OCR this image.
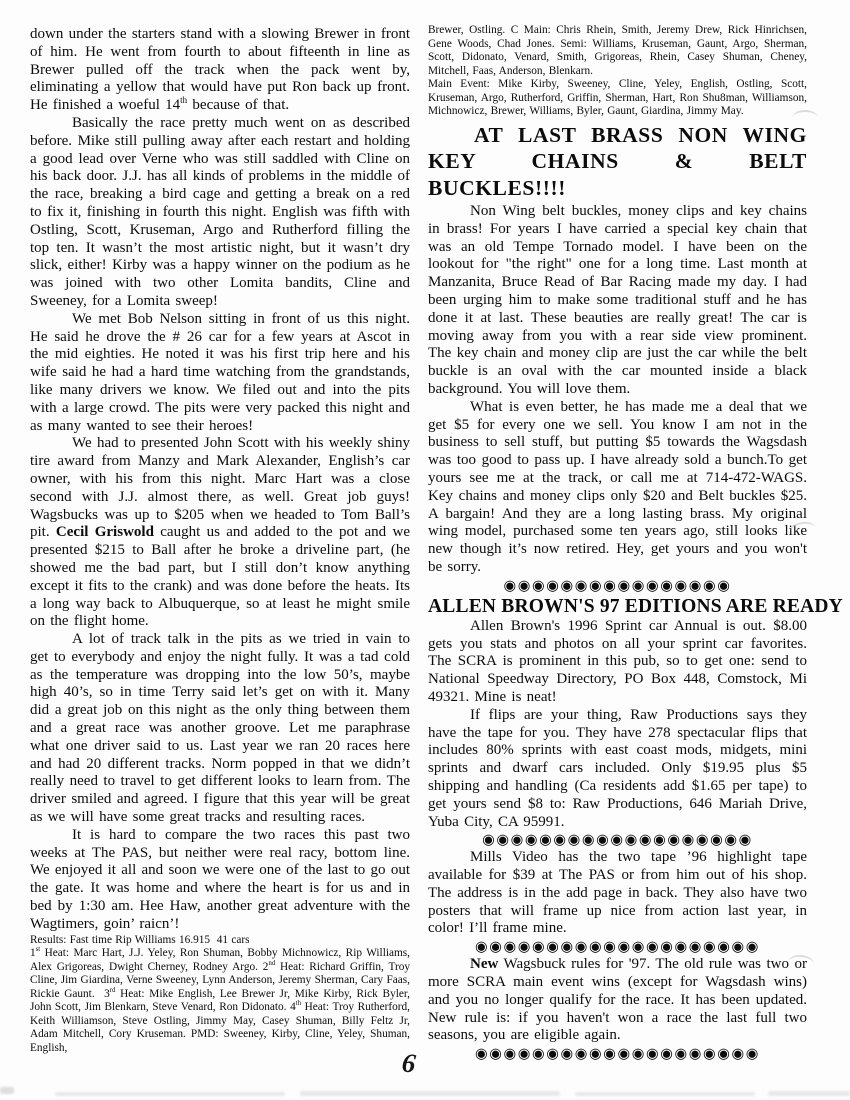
down under the starters stand with a slowing Brewer in front of him. He went from fourth to about fifteenth in line as Brewer pulled off the track when the pack went by, eliminating a yellow that would have put Ron back up front. He finished a woeful 14th because of that.

Basically the race pretty much went on as described before. Mike still pulling away after each restart and holding a good lead over Verne who was still saddled with Cline on his back door. J.J. has all kinds of problems in the middle of the race, breaking a bird cage and getting a break on a red to fix it, finishing in fourth this night. English was fifth with Ostling, Scott, Kruseman, Argo and Rutherford filling the top ten. It wasn’t the most artistic night, but it wasn’t dry slick, either! Kirby was a happy winner on the podium as he was joined with two other Lomita bandits, Cline and Sweeney, for a Lomita sweep!

We met Bob Nelson sitting in front of us this night. He said he drove the # 26 car for a few years at Ascot in the mid eighties. He noted it was his first trip here and his wife said he had a hard time watching from the grandstands, like many drivers we know. We filed out and into the pits with a large crowd. The pits were very packed this night and as many wanted to see their heroes!

We had to presented John Scott with his weekly shiny tire award from Manzy and Mark Alexander, English’s car owner, with his from this night. Marc Hart was a close second with J.J. almost there, as well. Great job guys! Wagsbucks was up to $205 when we headed to Tom Ball’s pit. Cecil Griswold caught us and added to the pot and we presented $215 to Ball after he broke a driveline part, (he showed me the bad part, but I still don’t know anything except it fits to the crank) and was done before the heats. Its a long way back to Albuquerque, so at least he might smile on the flight home.

A lot of track talk in the pits as we tried in vain to get to everybody and enjoy the night fully. It was a tad cold as the temperature was dropping into the low 50’s, maybe high 40’s, so in time Terry said let’s get on with it. Many did a great job on this night as the only thing between them and a great race was another groove. Let me paraphrase what one driver said to us. Last year we ran 20 races here and had 20 different tracks. Norm popped in that we didn’t really need to travel to get different looks to learn from. The driver smiled and agreed. I figure that this year will be great as we will have some great tracks and resulting races.

It is hard to compare the two races this past two weeks at The PAS, but neither were real racy, bottom line. We enjoyed it all and soon we were one of the last to go out the gate. It was home and where the heart is for us and in bed by 1:30 am. Hee Haw, another great adventure with the Wagtimers, goin’ raicn’!

Results: Fast time Rip Williams 16.915  41 cars

1st Heat: Marc Hart, J.J. Yeley, Ron Shuman, Bobby Michnowicz, Rip Williams, Alex Grigoreas, Dwight Cherney, Rodney Argo. 2nd Heat: Richard Griffin, Troy Cline, Jim Giardina, Verne Sweeney, Lynn Anderson, Jeremy Sherman, Cary Faas, Rickie Gaunt.  3rd Heat: Mike English, Lee Brewer Jr, Mike Kirby, Rick Byler, John Scott, Jim Blenkarn, Steve Venard, Ron Didonato. 4th Heat: Troy Rutherford, Keith Williamson, Steve Ostling, Jimmy May, Casey Shuman, Billy Feltz Jr, Adam Mitchell, Cory Kruseman. PMD: Sweeney, Kirby, Cline, Yeley, Shuman, English,

Brewer, Ostling. C Main: Chris Rhein, Smith, Jeremy Drew, Rick Hinrichsen, Gene Woods, Chad Jones. Semi: Williams, Kruseman, Gaunt, Argo, Sherman, Scott, Didonato, Venard, Smith, Grigoreas, Rhein, Casey Shuman, Cheney, Mitchell, Faas, Anderson, Blenkarn.

Main Event: Mike Kirby, Sweeney, Cline, Yeley, English, Ostling, Scott, Kruseman, Argo, Rutherford, Griffin, Sherman, Hart, Ron Shu8man, Williamson, Michnowicz, Brewer, Williams, Byler, Gaunt, Giardina, Jimmy May.

AT LAST BRASS NON WING KEY CHAINS & BELT BUCKLES!!!!

Non Wing belt buckles, money clips and key chains in brass! For years I have carried a special key chain that was an old Tempe Tornado model. I have been on the lookout for "the right" one for a long time. Last month at Manzanita, Bruce Read of Bar Racing made my day. I had been urging him to make some traditional stuff and he has done it at last. These beauties are really great! The car is moving away from you with a rear side view prominent. The key chain and money clip are just the car while the belt buckle is an oval with the car mounted inside a black background. You will love them.

What is even better, he has made me a deal that we get $5 for every one we sell. You know I am not in the business to sell stuff, but putting $5 towards the Wagsdash was too good to pass up. I have already sold a bunch.To get yours see me at the track, or call me at 714-472-WAGS. Key chains and money clips only $20 and Belt buckles $25. A bargain! And they are a long lasting brass. My original wing model, purchased some ten years ago, still looks like new though it’s now retired. Hey, get yours and you won't be sorry.

◉◉◉◉◉◉◉◉◉◉◉◉◉◉◉◉

ALLEN BROWN'S 97 EDITIONS ARE READY

Allen Brown's 1996 Sprint car Annual is out. $8.00 gets you stats and photos on all your sprint car favorites. The SCRA is prominent in this pub, so to get one: send to National Speedway Directory, PO Box 448, Comstock, Mi 49321. Mine is neat!

If flips are your thing, Raw Productions says they have the tape for you. They have 278 spectacular flips that includes 80% sprints with east coast mods, midgets, mini sprints and dwarf cars included. Only $19.95 plus $5 shipping and handling (Ca residents add $1.65 per tape) to get yours send $8 to: Raw Productions, 646 Mariah Drive, Yuba City, CA 95991.

◉◉◉◉◉◉◉◉◉◉◉◉◉◉◉◉◉◉◉

Mills Video has the two tape ’96 highlight tape available for $39 at The PAS or from him out of his shop. The address is in the add page in back. They also have two posters that will frame up nice from action last year, in color! I’ll frame mine.

◉◉◉◉◉◉◉◉◉◉◉◉◉◉◉◉◉◉◉◉

New Wagsbuck rules for '97. The old rule was two or more SCRA main event wins (except for Wagsdash wins) and you no longer qualify for the race. It has been updated. New rule is: if you haven't won a race the last full two seasons, you are eligible again.

◉◉◉◉◉◉◉◉◉◉◉◉◉◉◉◉◉◉◉◉

6
